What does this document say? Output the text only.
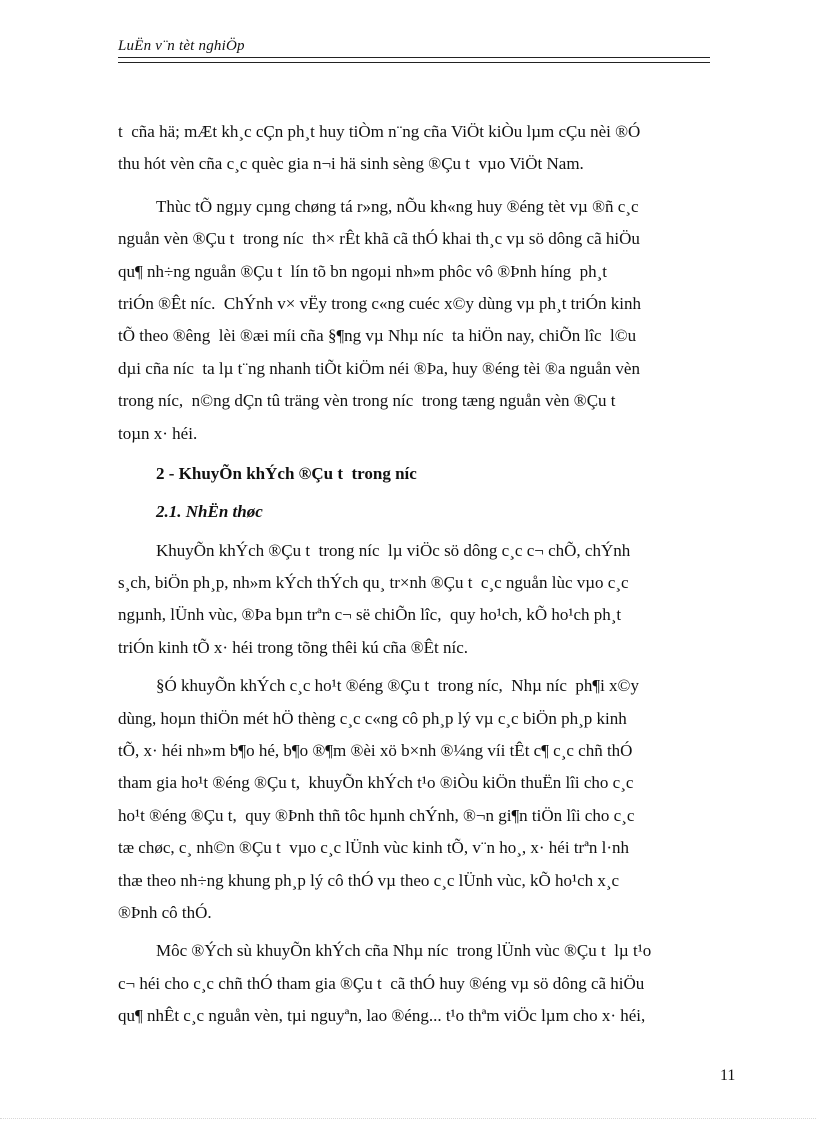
LuËn v¨n tèt nghiÖp
t  cña hä; mÆt kh¸c cÇn ph¸t huy tiÒm n¨ng cña ViÖt kiÒu lµm cÇu nèi ®Ó
thu hót vèn cña c¸c quèc gia n¬i hä sinh sèng ®Çu t  vµo ViÖt Nam.
Thùc tÕ ngµy cµng chøng tá r»ng, nÕu kh«ng huy ®éng tèt vµ ®ñ c¸c
nguån vèn ®Çu t  trong níc  th× rÊt khã cã thÓ khai th¸c vµ sö dông cã hiÖu
qu¶ nh÷ng nguån ®Çu t  lín tõ bn ngoµi nh»m phôc vô ®Þnh híng  ph¸t
triÓn ®Êt níc.  ChÝnh v× vËy trong c«ng cuéc x©y dùng vµ ph¸t triÓn kinh
tÕ theo ®êng  lèi ®æi míi cña §¶ng vµ Nhµ níc  ta hiÖn nay, chiÕn lîc  l©u
dµi cña níc  ta lµ t¨ng nhanh tiÕt kiÖm néi ®Þa, huy ®éng tèi ®a nguån vèn
trong níc,  n©ng dÇn tû träng vèn trong níc  trong tæng nguån vèn ®Çu t
toµn x· héi.
2 - KhuyÕn khÝch ®Çu t  trong níc
2.1. NhËn thøc
KhuyÕn khÝch ®Çu t  trong níc  lµ viÖc sö dông c¸c c¬ chÕ, chÝnh
s¸ch, biÖn ph¸p, nh»m kÝch thÝch qu¸ tr×nh ®Çu t  c¸c nguån lùc vµo c¸c
ngµnh, lÜnh vùc, ®Þa bµn trªn c¬ së chiÕn lîc,  quy ho¹ch, kÕ ho¹ch ph¸t
triÓn kinh tÕ x· héi trong tõng thêi kú cña ®Êt níc.
§Ó khuyÕn khÝch c¸c ho¹t ®éng ®Çu t  trong níc,  Nhµ níc  ph¶i x©y
dùng, hoµn thiÖn mét hÖ thèng c¸c c«ng cô ph¸p lý vµ c¸c biÖn ph¸p kinh
tÕ, x· héi nh»m b¶o hé, b¶o ®¶m ®èi xö b×nh ®¼ng víi tÊt c¶ c¸c chñ thÓ
tham gia ho¹t ®éng ®Çu t,  khuyÕn khÝch t¹o ®iÒu kiÖn thuËn lîi cho c¸c
ho¹t ®éng ®Çu t,  quy ®Þnh thñ tôc hµnh chÝnh, ®¬n gi¶n tiÖn lîi cho c¸c
tæ chøc, c¸ nh©n ®Çu t  vµo c¸c lÜnh vùc kinh tÕ, v¨n ho¸, x· héi trªn l·nh
thæ theo nh÷ng khung ph¸p lý cô thÓ vµ theo c¸c lÜnh vùc, kÕ ho¹ch x¸c
®Þnh cô thÓ.
Môc ®Ých sù khuyÕn khÝch cña Nhµ níc  trong lÜnh vùc ®Çu t  lµ t¹o
c¬ héi cho c¸c chñ thÓ tham gia ®Çu t  cã thÓ huy ®éng vµ sö dông cã hiÖu
qu¶ nhÊt c¸c nguån vèn, tµi nguyªn, lao ®éng... t¹o thªm viÖc lµm cho x· héi,
11
